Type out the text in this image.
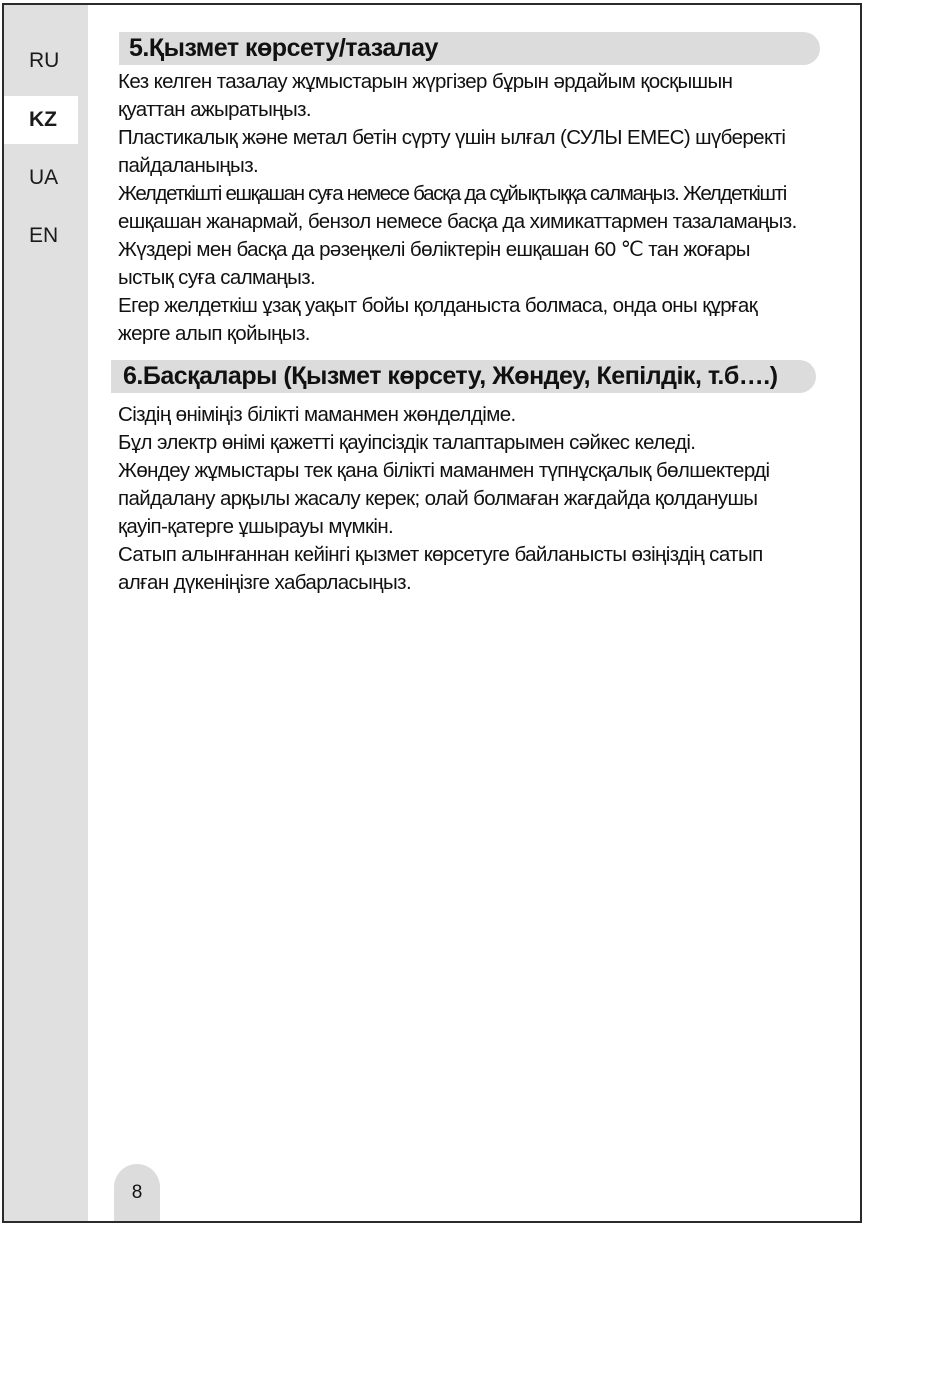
RU
KZ
UA
EN
5.Қызмет көрсету/тазалау

Кез келген тазалау жұмыстарын жүргізер бұрын әрдайым қосқышын

қуаттан ажыратыңыз.

Пластикалық және метал бетін сүрту үшін ылғал (СУЛЫ ЕМЕС) шүберекті

пайдаланыңыз.

Желдеткішті ешқашан суға немесе басқа да сұйықтыққа салмаңыз. Желдеткішті

ешқашан жанармай, бензол немесе басқа да химикаттармен тазаламаңыз.

Жүздері мен басқа да рәзеңкелі бөліктерін ешқашан 60 ℃ тан жоғары

ыстық суға салмаңыз.

Егер желдеткіш ұзақ уақыт бойы қолданыста болмаса, онда оны құрғақ

жерге алып қойыңыз.

6.Басқалары (Қызмет көрсету, Жөндеу, Кепілдік, т.б….)

Сіздің өніміңіз білікті маманмен жөнделдіме.

Бұл электр өнімі қажетті қауіпсіздік талаптарымен сәйкес келеді.

Жөндеу жұмыстары тек қана білікті маманмен түпнұсқалық бөлшектерді

пайдалану арқылы жасалу керек; олай болмаған жағдайда қолданушы

қауіп-қатерге ұшырауы мүмкін.

Сатып алынғаннан кейінгі қызмет көрсетуге байланысты өзіңіздің сатып

алған дүкеніңізге хабарласыңыз.

8
